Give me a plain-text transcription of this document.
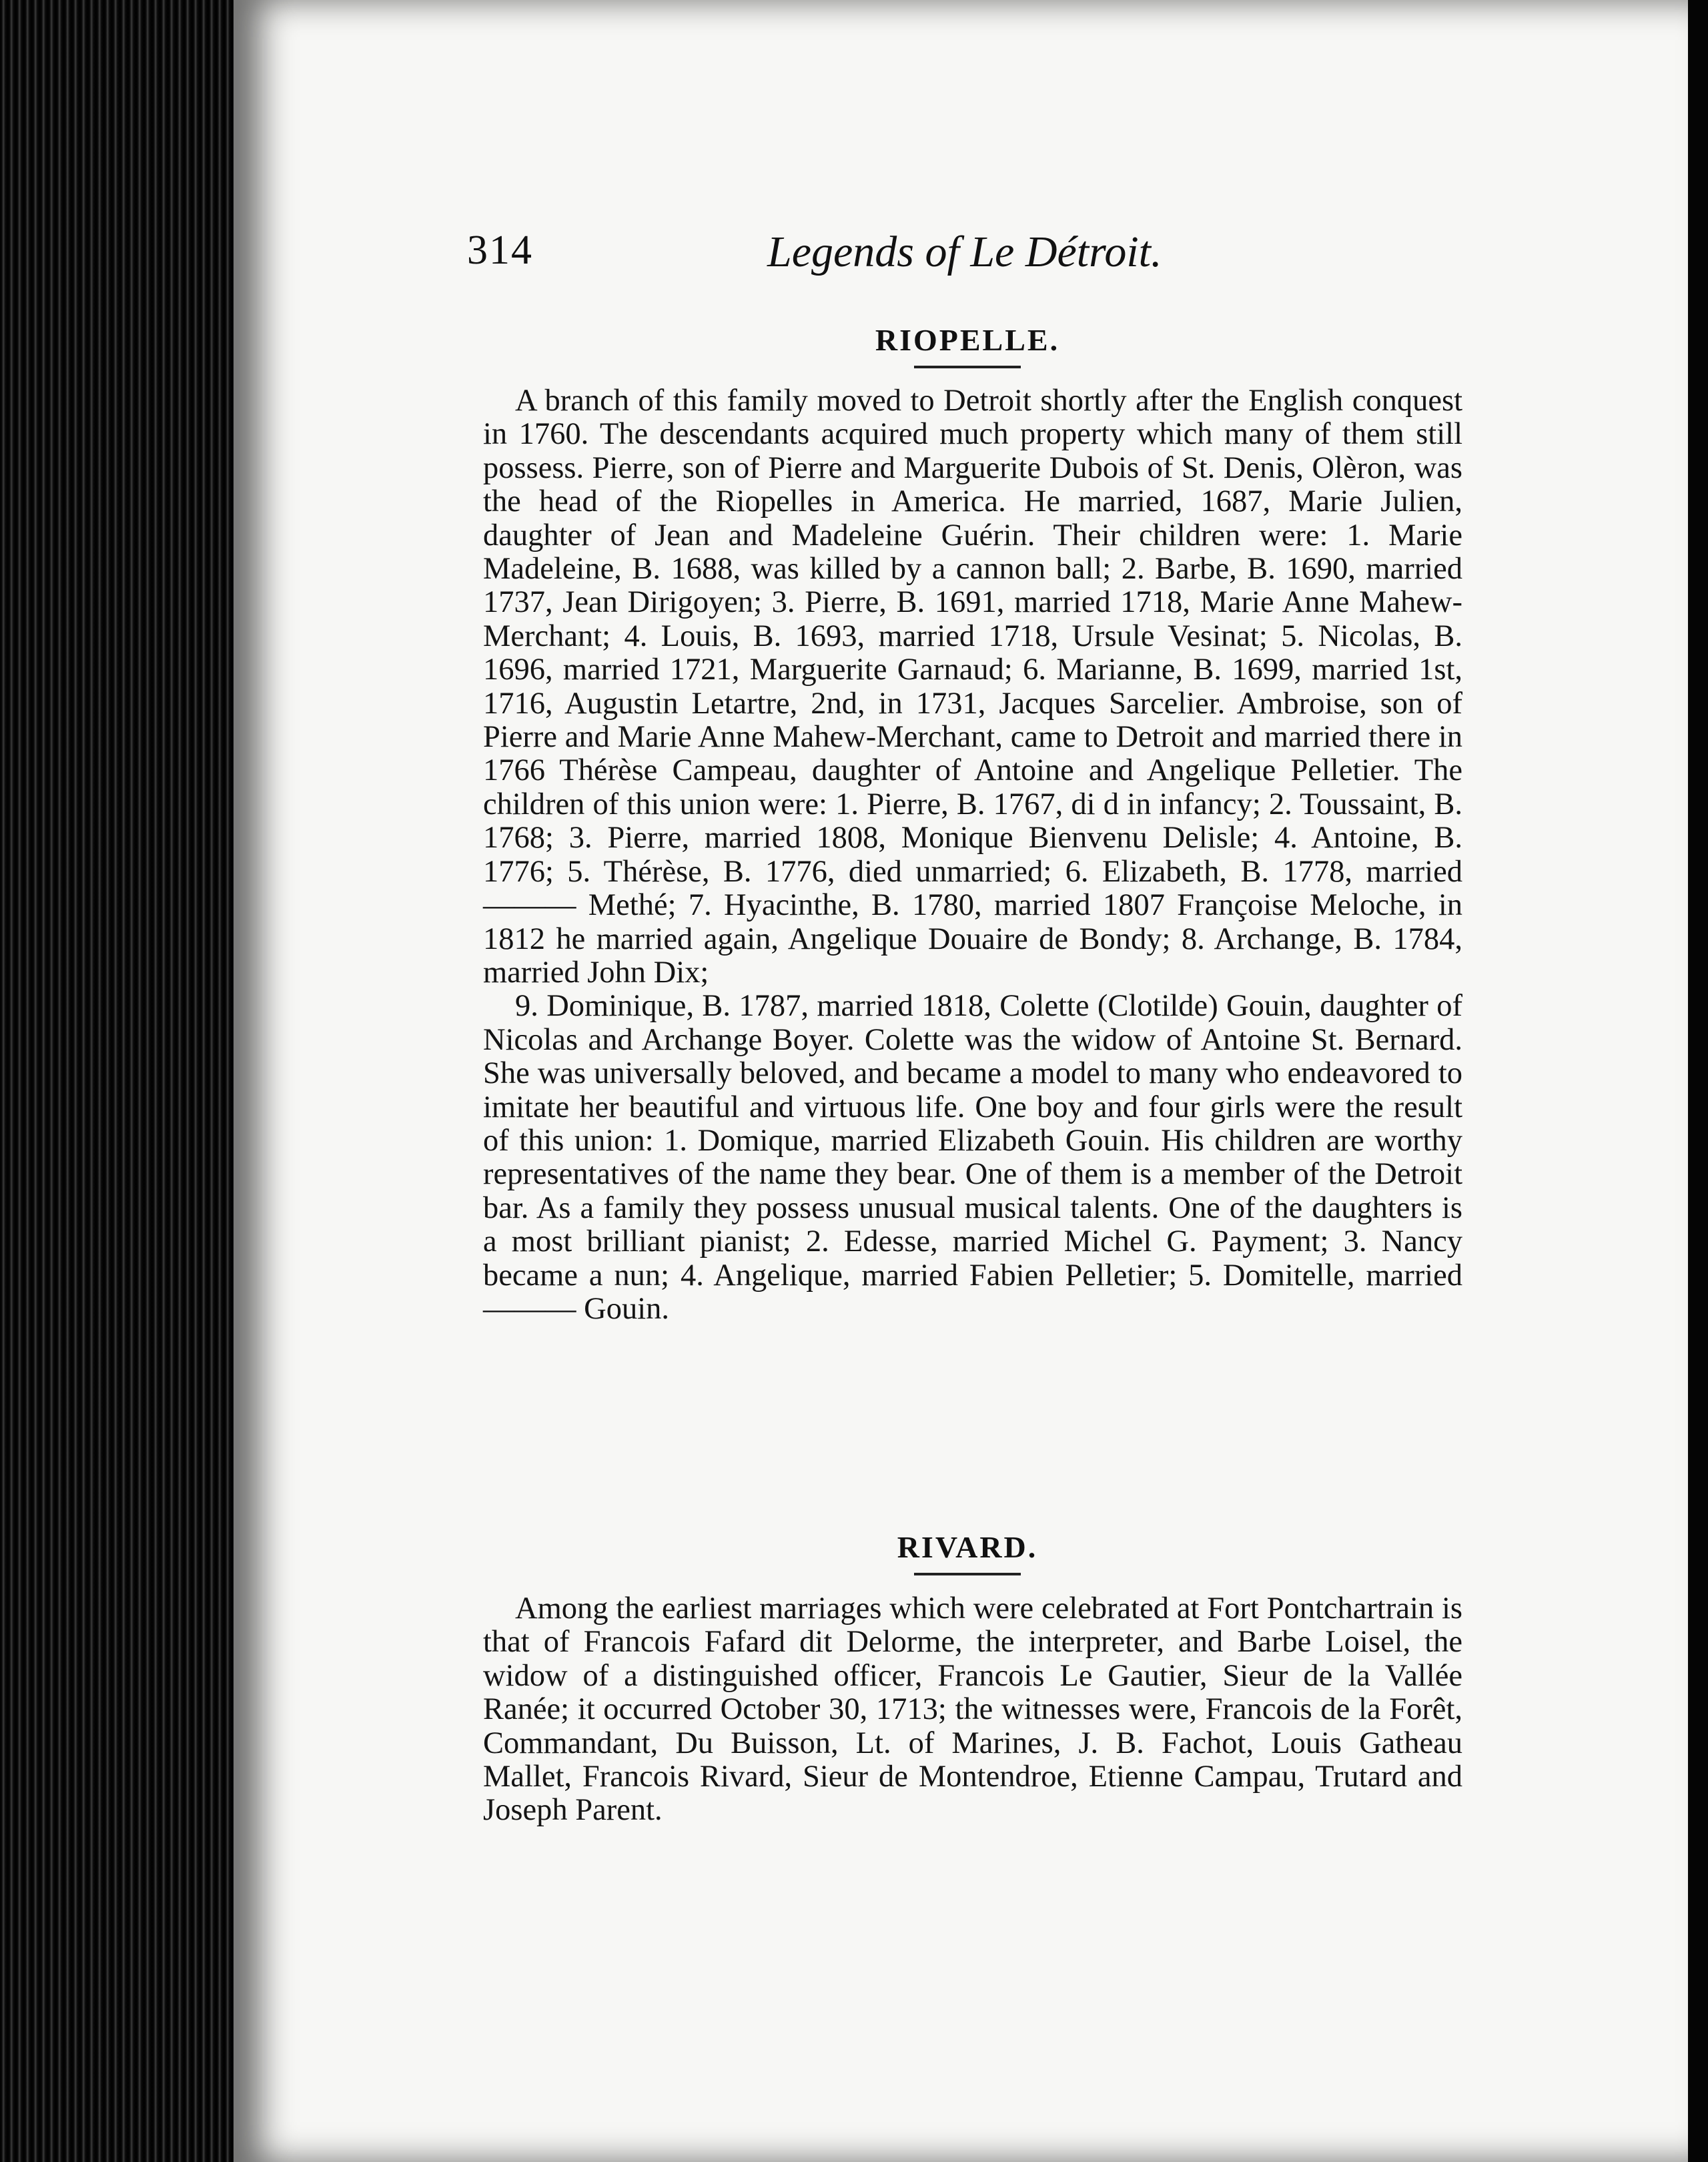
314	Legends of Le Détroit.
RIOPELLE.

A branch of this family moved to Detroit shortly after the English conquest in 1760. The descendants acquired much property which many of them still possess. Pierre, son of Pierre and Marguerite Dubois of St. Denis, Olèron, was the head of the Riopelles in America. He married, 1687, Marie Julien, daughter of Jean and Madeleine Guérin. Their children were: 1. Marie Madeleine, B. 1688, was killed by a cannon ball; 2. Barbe, B. 1690, married 1737, Jean Dirigoyen; 3. Pierre, B. 1691, married 1718, Marie Anne Mahew-Merchant; 4. Louis, B. 1693, married 1718, Ursule Vesinat; 5. Nicolas, B. 1696, married 1721, Marguerite Garnaud; 6. Marianne, B. 1699, married 1st, 1716, Augustin Letartre, 2nd, in 1731, Jacques Sarcelier. Ambroise, son of Pierre and Marie Anne Mahew-Merchant, came to Detroit and married there in 1766 Thérèse Campeau, daughter of Antoine and Angelique Pelletier. The children of this union were: 1. Pierre, B. 1767, di d in infancy; 2. Toussaint, B. 1768; 3. Pierre, married 1808, Monique Bienvenu Delisle; 4. Antoine, B. 1776; 5. Thérèse, B. 1776, died unmarried; 6. Elizabeth, B. 1778, married ——— Methé; 7. Hyacinthe, B. 1780, married 1807 Françoise Meloche, in 1812 he married again, Angelique Douaire de Bondy; 8. Archange, B. 1784, married John Dix;

9. Dominique, B. 1787, married 1818, Colette (Clotilde) Gouin, daughter of Nicolas and Archange Boyer. Colette was the widow of Antoine St. Bernard. She was universally beloved, and became a model to many who endeavored to imitate her beautiful and virtuous life. One boy and four girls were the result of this union: 1. Domique, married Elizabeth Gouin. His children are worthy representatives of the name they bear. One of them is a member of the Detroit bar. As a family they possess unusual musical talents. One of the daughters is a most brilliant pianist; 2. Edesse, married Michel G. Payment; 3. Nancy became a nun; 4. Angelique, married Fabien Pelletier; 5. Domitelle, married ——— Gouin.

RIVARD.

Among the earliest marriages which were celebrated at Fort Pontchartrain is that of Francois Fafard dit Delorme, the interpreter, and Barbe Loisel, the widow of a distinguished officer, Francois Le Gautier, Sieur de la Vallée Ranée; it occurred October 30, 1713; the witnesses were, Francois de la Forêt, Commandant, Du Buisson, Lt. of Marines, J. B. Fachot, Louis Gatheau Mallet, Francois Rivard, Sieur de Montendroe, Etienne Campau, Trutard and Joseph Parent.
